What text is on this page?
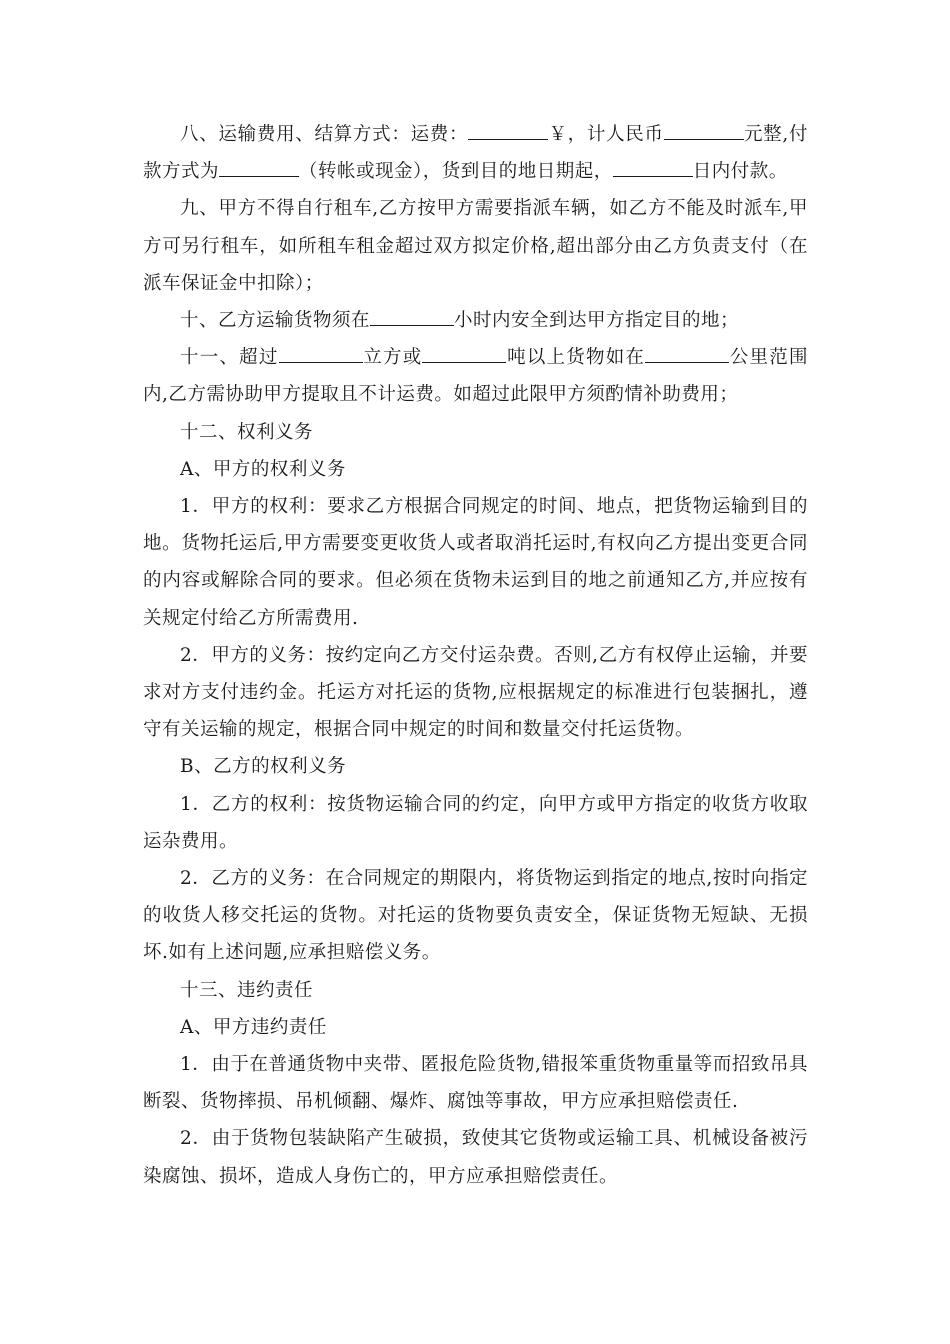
八、运输费用、结算方式：运费：	￥，计人民币	元整,付款方式为	（转帐或现金），货到目的地日期起，	日内付款。

九、甲方不得自行租车,乙方按甲方需要指派车辆，如乙方不能及时派车,甲方可另行租车，如所租车租金超过双方拟定价格,超出部分由乙方负责支付（在派车保证金中扣除）；

十、乙方运输货物须在	小时内安全到达甲方指定目的地；

十一、超过	立方或	吨以上货物如在	公里范围内,乙方需协助甲方提取且不计运费。如超过此限甲方须酌情补助费用；

十二、权利义务

A、甲方的权利义务

1．甲方的权利：要求乙方根据合同规定的时间、地点，把货物运输到目的地。货物托运后,甲方需要变更收货人或者取消托运时,有权向乙方提出变更合同的内容或解除合同的要求。但必须在货物未运到目的地之前通知乙方,并应按有关规定付给乙方所需费用.

2．甲方的义务：按约定向乙方交付运杂费。否则,乙方有权停止运输，并要求对方支付违约金。托运方对托运的货物,应根据规定的标准进行包装捆扎，遵守有关运输的规定，根据合同中规定的时间和数量交付托运货物。

B、乙方的权利义务

1．乙方的权利：按货物运输合同的约定，向甲方或甲方指定的收货方收取运杂费用。

2．乙方的义务：在合同规定的期限内，将货物运到指定的地点,按时向指定的收货人移交托运的货物。对托运的货物要负责安全，保证货物无短缺、无损坏.如有上述问题,应承担赔偿义务。

十三、违约责任

A、甲方违约责任

1．由于在普通货物中夹带、匿报危险货物,错报笨重货物重量等而招致吊具断裂、货物摔损、吊机倾翻、爆炸、腐蚀等事故，甲方应承担赔偿责任.

2．由于货物包装缺陷产生破损，致使其它货物或运输工具、机械设备被污染腐蚀、损坏，造成人身伤亡的，甲方应承担赔偿责任。
